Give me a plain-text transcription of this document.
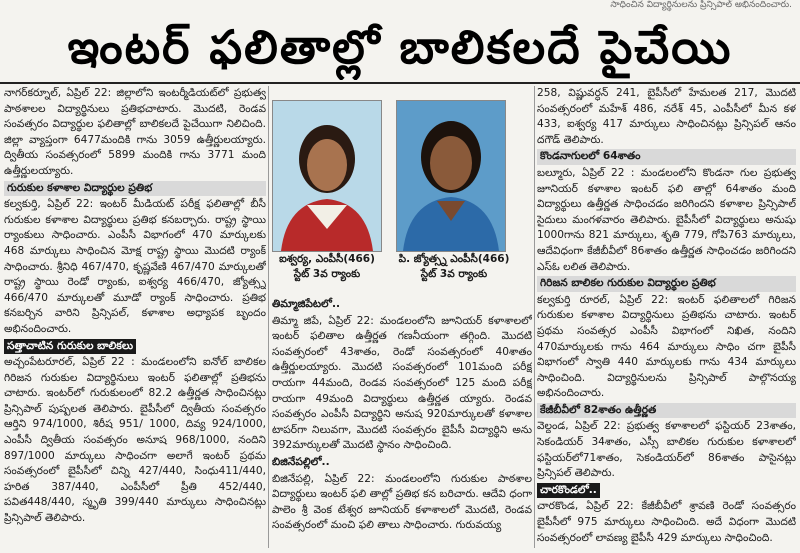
సాధించిన విద్యార్థినులను ప్రిన్సిపాల్ అభినందించారు.
ఇంటర్ ఫలితాల్లో బాలికలదే పైచేయి

నాగర్‌కర్నూల్, ఏప్రిల్ 22: జిల్లాలోని ఇంటర్మీడియట్‌లో ప్రభుత్వ పాఠశాలల విద్యార్థినులు ప్రతిభచాటారు. మొదటి, రెండవ సంవత్సరం విద్యార్థుల ఫలితాల్లో బాలికలదే పైచేయిగా నిలిచింది. జిల్లా వ్యాప్తంగా 6477మందికి గాను 3059 ఉత్తీర్ణులయ్యారు. ద్వితీయ సంవత్సరంలో 5899 మందికి గాను 3771 మంది ఉత్తీర్ణులయ్యారు.

గురుకుల కళాశాల విద్యార్థుల ప్రతిభ

కల్వకుర్తి, ఏప్రిల్ 22: ఇంటర్ మీడియట్ పరీక్ష ఫలితాల్లో బీసీ గురుకుల కళాశాల విద్యార్థులు ప్రతిభ కనబర్చారు. రాష్ట్ర స్థాయి ర్యాంకులు సాధించారు. ఎంపీసీ విభాగంలో 470 మార్కులకు 468 మార్కులు సాధించిన మోక్ష రాష్ట్ర స్థాయి మొదటి ర్యాంక్ సాధించారు. శ్రీనిధి 467/470, కృష్ణవేణి 467/470 మార్కులతో రాష్ట్ర స్థాయి రెండో ర్యాంకు, ఐశ్వర్య 466/470, జ్యోత్స్న 466/470 మార్కులతో మూడో ర్యాంక్ సాధించారు. ప్రతిభ కనబర్చిన వారిని ప్రిన్సిపల్, కళాశాల అధ్యాపక బృందం అభినందించారు.

సత్తాచాటిన గురుకుల బాలికలు

అచ్చంపేటరూరల్, ఏప్రిల్ 22 : మండలంలోని ఐనోల్ బాలికల గిరిజన గురుకుల విద్యార్థినులు ఇంటర్ ఫలితాల్లో ప్రతిభను చాటారు. ఇంటర్‌లో గురుకులంలో 82.2 ఉత్తీర్ణత సాధించినట్లు ప్రిన్సిపాల్ పుష్పలత తెలిపారు. బైపీసీలో ద్వితీయ సంవత్సరం ఆర్తిని 974/1000, శిరీష 951/ 1000, దివ్య 924/1000, ఎంపీసీ ద్వితీయ సంవత్సరం అనూష 968/1000, నందిని 897/1000 మార్కులు సాధించగా అలాగే ఇంటర్ ప్రథమ సంవత్సరంలో బైపీసీలో చిన్ని 427/440, సింధు411/440, హరిత 387/440, ఎంపీసీలో ప్రీతి 452/440, పవిత448/440, స్మృతి 399/440 మార్కులు సాధించినట్లు ప్రిన్సిపాల్ తెలిపారు.

ఐశ్వర్య, ఎంపీసీ(466)
స్టేట్ 3వ ర్యాంకు
పి. జ్యోత్స్న ఎంపీసీ(466)
స్టేట్ 3వ ర్యాంకు
తిమ్మాజిపేటలో..

తిమ్మా జిపే, ఏప్రిల్ 22: మండలంలోని జూనియర్ కళాశాలలో ఇంటర్ ఫలితాల ఉత్తీర్ణత గణనీయంగా తగ్గింది. మొదటి సంవత్సరంలో 43శాతం, రెండో సంవత్సరంలో 40శాతం ఉత్తీర్ణులయ్యారు. మొదటి సంవత్సరంలో 101మంది పరీక్ష రాయగా 44మంది, రెండవ సంవత్సరంలో 125 మంది పరీక్ష రాయగా 49మంది విద్యార్థులు ఉత్తీర్ణత య్యారు. రెండవ సంవత్సరం ఎంపీసీ విద్యార్థిని అనుష 920మార్కులతో కళాశాల టాపర్‌గా నిలువగా, మొదటి సంవత్సరం బైపీసీ విద్యార్థిని అను 392మార్కులతో మొదటి స్థానం సాధించింది.

బిజినేపల్లిలో..

బిజినేపల్లి, ఏప్రిల్ 22: మండలంలోని గురుకుల పాఠశాల విద్యార్థులు ఇంటర్ ఫలి తాల్లో ప్రతిభ కన బరిచారు. ఆదేవి ధంగా పాలెం శ్రీ వెంక టేశ్వర జూనియర్ కళాశాలలో మొదటి, రెండవ సంవత్సరంలో మంచి ఫలి తాలు సాధించారు. గురువయ్య

258, విష్ణువర్ధన్ 241, బైపీసీలో హేమలత 217, మొదటి సంవత్సరంలో మహేశ్ 486, నరేశ్ 45, ఎంపీసీలో మీన కళ 433, ఐశ్వర్య 417 మార్కులు సాధించినట్లు ప్రిన్సిపల్ ఆనం దగౌడ్ తెలిపారు.

కొండనాగులలో 64శాతం

బల్మూరు, ఏప్రిల్ 22 : మండలంలోని కొండనా గుల ప్రభుత్వ జూనియర్ కళాశాల ఇంటర్ ఫలి తాల్లో 64శాతం మంది విద్యార్థులు ఉత్తీర్ణత సాధించడం జరిగిందని కళాశాల ప్రిన్సిపాల్ సైదులు మంగళవారం తెలిపారు. బైపీసీలో విద్యార్థులు అనుషు 1000గాను 821 మార్కులు, శృతి 779, గోపి763 మార్కులు, ఆదేవిధంగా కేజీబీవీలో 86శాతం ఉత్తీర్ణత సాధించడం జరిగిందని ఎస్‌ఓ లలిత తెలిపారు.

గిరిజన బాలికల గురుకుల విద్యార్థుల ప్రతిభ

కల్వకుర్తి రూరల్, ఏప్రిల్ 22: ఇంటర్ ఫలితాలలో గిరిజన గురుకుల కళాశాల విద్యార్థినులు ప్రతిభను చాటారు. ఇంటర్ ప్రథమ సంవత్సర ఎంపీసీ విభాగంలో నిఖిత, నందిని 470మార్కులకు గాను 464 మార్కులు సాధిం చగా బైపీసీ విభాగంలో స్వాతి 440 మార్కులకు గాను 434 మార్కులు సాధించింది. విద్యార్థినులను ప్రిన్సిపాల్ పాల్గొనయ్య అభినందించారు.

కేజీబీవీలో 82శాతం ఉత్తీర్ణత

వెల్దండ, ఏప్రిల్ 22: ప్రభుత్వ కళాశాలలో ఫస్టియర్ 23శాతం, సెకండియర్ 34శాతం, ఎస్సీ బాలికల గురుకుల కళాశాలలో ఫస్టియర్‌లో71శాతం, సెకండియర్‌లో 86శాతం పాసైనట్లు ప్రిన్సిపల్ తెలిపారు.

చారకొండలో..

చారకొండ, ఏప్రిల్ 22: కేజీబీవీలో శ్రావణి రెండో సంవత్సరం బైపీసీలో 975 మార్కులు సాధించింది. అదే విధంగా మొదటి సంవత్సరంలో లావణ్య బైపీసీ 429 మార్కులు సాధించింది.
